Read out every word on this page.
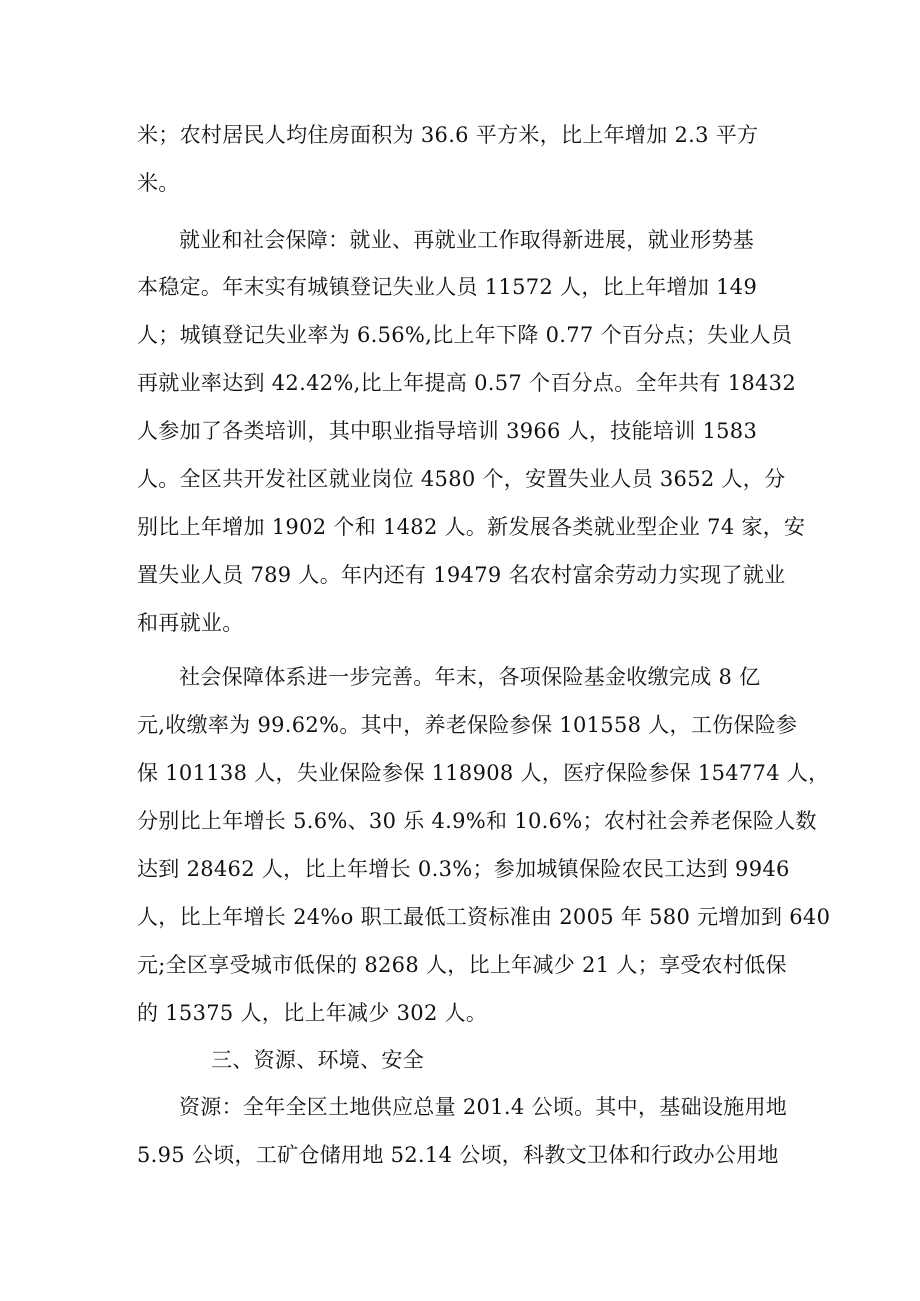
米；农村居民人均住房面积为 36.6 平方米，比上年增加 2.3 平方
米。
就业和社会保障：就业、再就业工作取得新进展，就业形势基
本稳定。年末实有城镇登记失业人员 11572 人，比上年增加 149
人；城镇登记失业率为 6.56%,比上年下降 0.77 个百分点；失业人员
再就业率达到 42.42%,比上年提高 0.57 个百分点。全年共有 18432
人参加了各类培训，其中职业指导培训 3966 人，技能培训 1583
人。全区共开发社区就业岗位 4580 个，安置失业人员 3652 人，分
别比上年增加 1902 个和 1482 人。新发展各类就业型企业 74 家，安
置失业人员 789 人。年内还有 19479 名农村富余劳动力实现了就业
和再就业。
社会保障体系进一步完善。年末，各项保险基金收缴完成 8 亿
元,收缴率为 99.62%。其中，养老保险参保 101558 人，工伤保险参
保 101138 人，失业保险参保 118908 人，医疗保险参保 154774 人，
分别比上年增长 5.6%、30 乐 4.9%和 10.6%；农村社会养老保险人数
达到 28462 人，比上年增长 0.3%；参加城镇保险农民工达到 9946
人，比上年增长 24%o 职工最低工资标准由 2005 年 580 元增加到 640
元;全区享受城市低保的 8268 人，比上年减少 21 人；享受农村低保
的 15375 人，比上年减少 302 人。
三、资源、环境、安全
资源：全年全区土地供应总量 201.4 公顷。其中，基础设施用地
5.95 公顷，工矿仓储用地 52.14 公顷，科教文卫体和行政办公用地
